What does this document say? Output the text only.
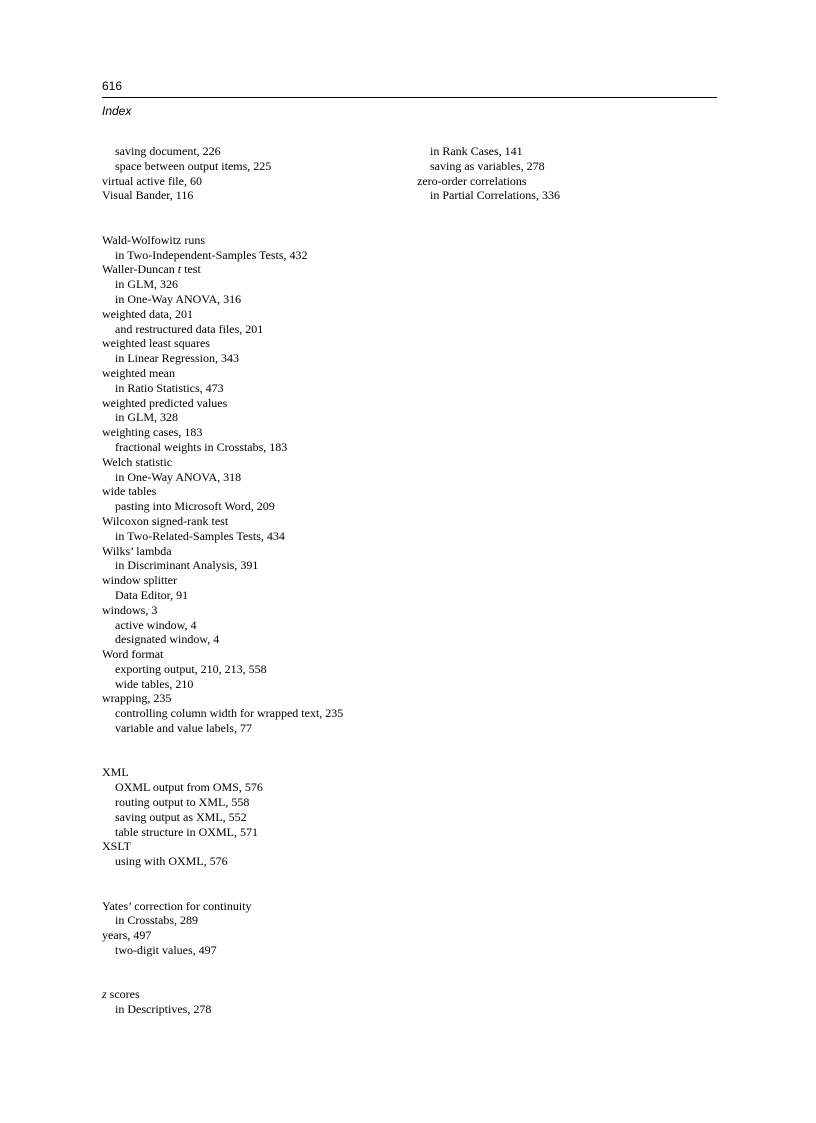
616
Index
saving document, 226
space between output items, 225
virtual active file, 60
Visual Bander, 116
Wald-Wolfowitz runs
in Two-Independent-Samples Tests, 432
Waller-Duncan t test
in GLM, 326
in One-Way ANOVA, 316
weighted data, 201
and restructured data files, 201
weighted least squares
in Linear Regression, 343
weighted mean
in Ratio Statistics, 473
weighted predicted values
in GLM, 328
weighting cases, 183
fractional weights in Crosstabs, 183
Welch statistic
in One-Way ANOVA, 318
wide tables
pasting into Microsoft Word, 209
Wilcoxon signed-rank test
in Two-Related-Samples Tests, 434
Wilks’ lambda
in Discriminant Analysis, 391
window splitter
Data Editor, 91
windows, 3
active window, 4
designated window, 4
Word format
exporting output, 210, 213, 558
wide tables, 210
wrapping, 235
controlling column width for wrapped text, 235
variable and value labels, 77
XML
OXML output from OMS, 576
routing output to XML, 558
saving output as XML, 552
table structure in OXML, 571
XSLT
using with OXML, 576
Yates’ correction for continuity
in Crosstabs, 289
years, 497
two-digit values, 497
z scores
in Descriptives, 278
in Rank Cases, 141
saving as variables, 278
zero-order correlations
in Partial Correlations, 336
